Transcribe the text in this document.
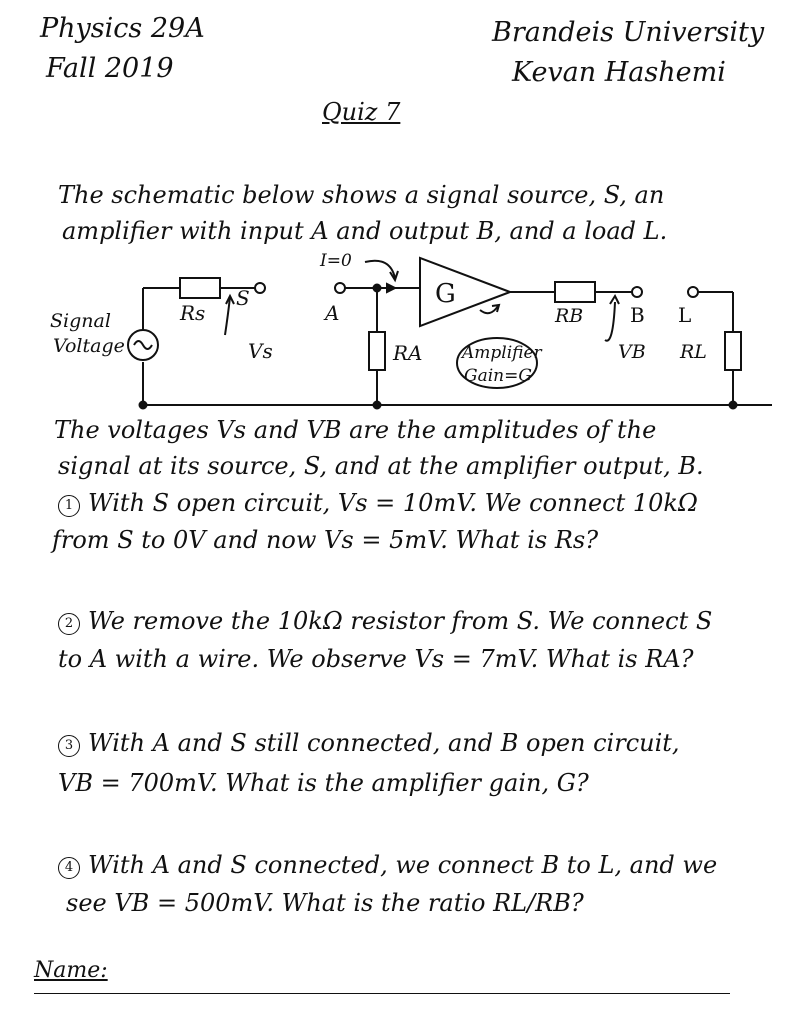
Physics 29A
Fall 2019
Brandeis University
Kevan Hashemi
Quiz 7
The schematic below shows a signal source, S, an
amplifier with input A and output B, and a load L.
Signal
Voltage
Rs
S
Vs
I=0
A
RA
G
Amplifier
Gain=G
RB B
VB
L
RL
The voltages Vs and VB are the amplitudes of the
signal at its source, S, and at the amplifier output, B.
1 With S open circuit, Vs = 10mV. We connect 10kΩ
from S to 0V and now Vs = 5mV. What is Rs?
2 We remove the 10kΩ resistor from S. We connect S
to A with a wire. We observe Vs = 7mV. What is RA?
3 With A and S still connected, and B open circuit,
VB = 700mV. What is the amplifier gain, G?
4 With A and S connected, we connect B to L, and we
see VB = 500mV. What is the ratio RL/RB?
Name:
